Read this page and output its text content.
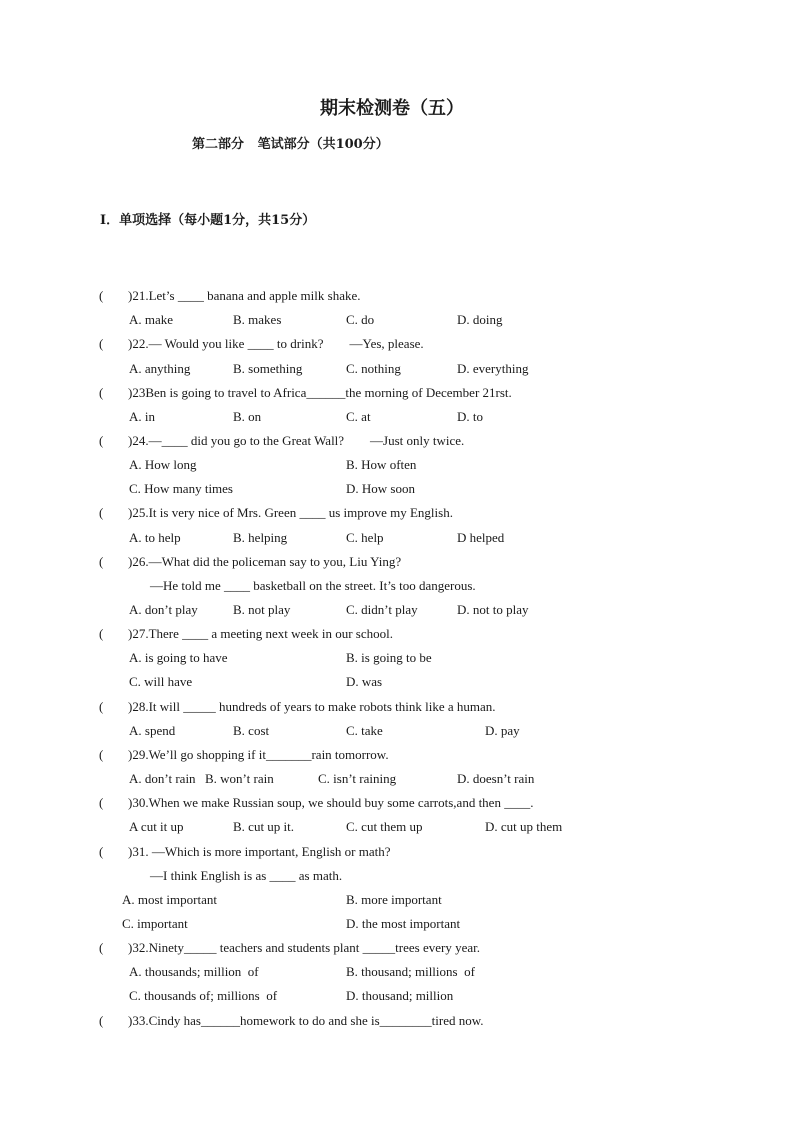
期末检测卷（五）
第二部分   笔试部分（共100分）
I．单项选择（每小题1分，共15分）
( )21.Let’s ____ banana and apple milk shake.
A. make	B. makes	C. do	D. doing
( )22.— Would you like ____ to drink?        —Yes, please.
A. anything	B. something	C. nothing	D. everything
( )23Ben is going to travel to Africa______the morning of December 21rst.
A. in	B. on	C. at	D. to
( )24.—____ did you go to the Great Wall?        —Just only twice.
A. How long	B. How often
C. How many times	D. How soon
( )25.It is very nice of Mrs. Green ____ us improve my English.
A. to help	B. helping	C. help	D helped
( )26.—What did the policeman say to you, Liu Ying?
—He told me ____ basketball on the street. It’s too dangerous.
A. don’t play	B. not play	C. didn’t play	D. not to play
( )27.There ____ a meeting next week in our school.
A. is going to have	B. is going to be
C. will have	D. was
( )28.It will _____ hundreds of years to make robots think like a human.
A. spend	B. cost	C. take	D. pay
( )29.We’ll go shopping if it_______rain tomorrow.
A. don’t rain B. won’t rain	C. isn’t raining	D. doesn’t rain
( )30.When we make Russian soup, we should buy some carrots,and then ____.
A cut it up	B. cut up it.	C. cut them up	D. cut up them
( )31. —Which is more important, English or math?
—I think English is as ____ as math.
A. most important	B. more important
C. important	D. the most important
( )32.Ninety_____ teachers and students plant _____trees every year.
A. thousands; million  of	B. thousand; millions  of
C. thousands of; millions  of	D. thousand; million
( )33.Cindy has______homework to do and she is________tired now.
